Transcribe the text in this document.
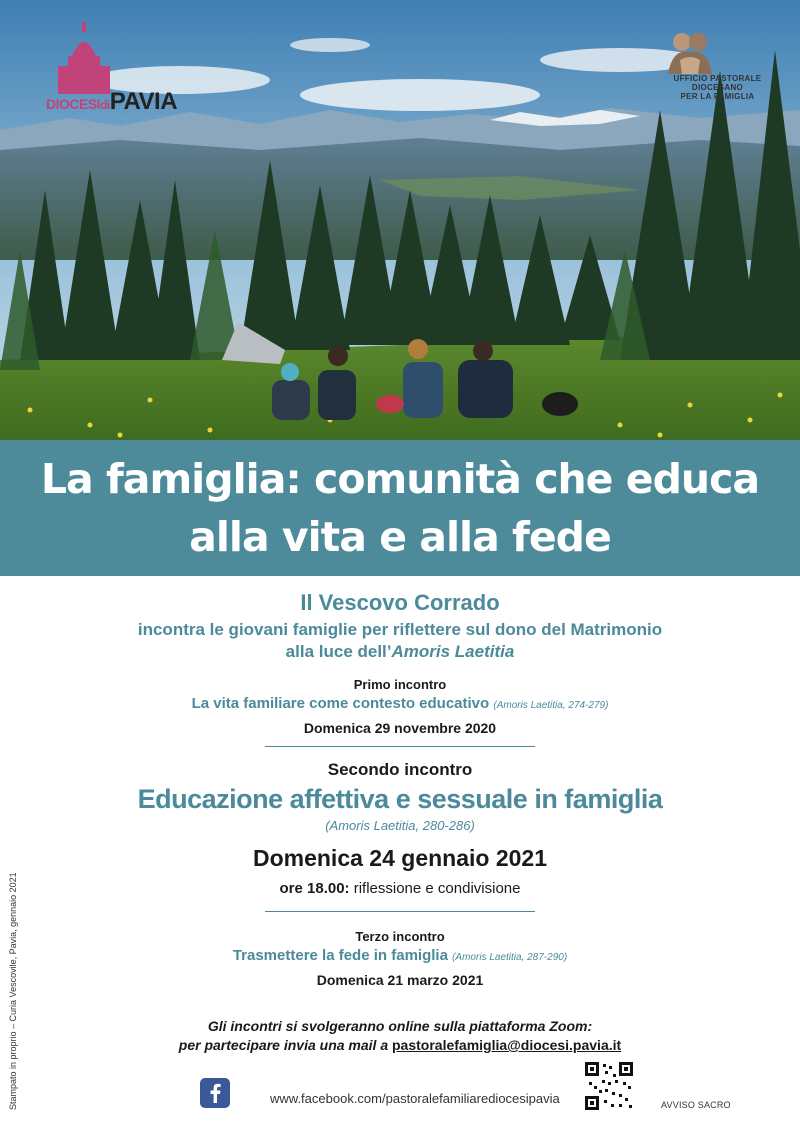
DIOCESIdiPAVIA
UFFICIO PASTORALE
DIOCESANO
PER LA FAMIGLIA
La famiglia: comunità che educa
alla vita e alla fede
Il Vescovo Corrado
incontra le giovani famiglie per riflettere sul dono del Matrimonio
alla luce dell’Amoris Laetitia
Primo incontro
La vita familiare come contesto educativo (Amoris Laetitia, 274-279)
Domenica 29 novembre 2020
Secondo incontro
Educazione affettiva e sessuale in famiglia
(Amoris Laetitia, 280-286)
Domenica 24 gennaio 2021
ore 18.00: riflessione e condivisione
Terzo incontro
Trasmettere la fede in famiglia (Amoris Laetitia, 287-290)
Domenica 21 marzo 2021
Gli incontri si svolgeranno online sulla piattaforma Zoom:
per partecipare invia una mail a pastoralefamiglia@diocesi.pavia.it
www.facebook.com/pastoralefamiliarediocesipavia	AVVISO SACRO
Stampato in proprio – Curia Vescovile, Pavia, gennaio 2021
